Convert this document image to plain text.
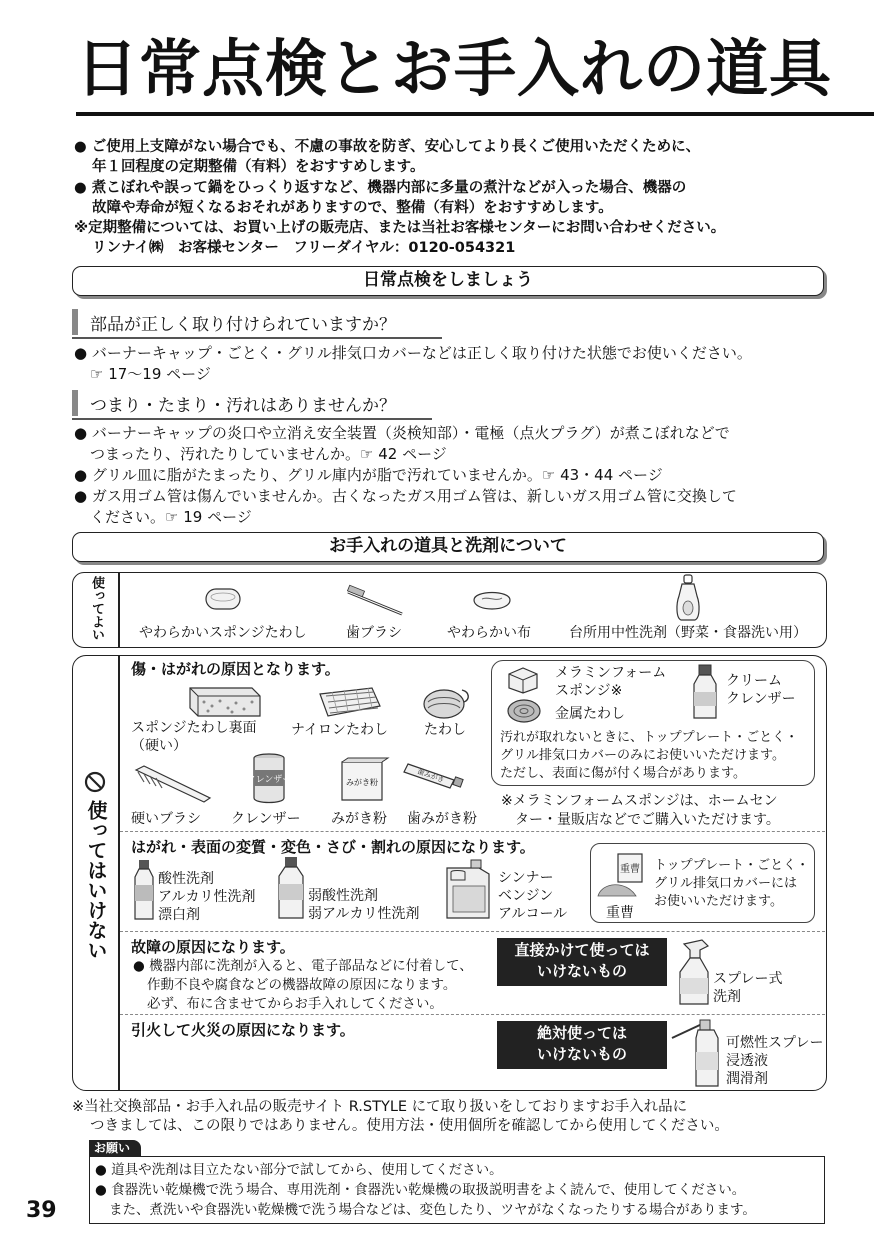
日常点検とお手入れの道具

● ご使用上支障がない場合でも、不慮の事故を防ぎ、安心してより長くご使用いただくために、

年１回程度の定期整備（有料）をおすすめします。

● 煮こぼれや誤って鍋をひっくり返すなど、機器内部に多量の煮汁などが入った場合、機器の

故障や寿命が短くなるおそれがありますので、整備（有料）をおすすめします。

※定期整備については、お買い上げの販売店、または当社お客様センターにお問い合わせください。

リンナイ㈱　お客様センター　フリーダイヤル：0120-054321

日常点検をしましょう
部品が正しく取り付けられていますか？

● バーナーキャップ・ごとく・グリル排気口カバーなどは正しく取り付けた状態でお使いください。

☞ 17～19 ページ

つまり・たまり・汚れはありませんか？

● バーナーキャップの炎口や立消え安全装置（炎検知部）・電極（点火プラグ）が煮こぼれなどで

つまったり、汚れたりしていませんか。☞ 42 ページ

● グリル皿に脂がたまったり、グリル庫内が脂で汚れていませんか。☞ 43・44 ページ

● ガス用ゴム管は傷んでいませんか。古くなったガス用ゴム管は、新しいガス用ゴム管に交換して

ください。☞ 19 ページ

お手入れの道具と洗剤について
使ってよい	やわらかいスポンジたわし	歯ブラシ	やわらかい布	台所用中性洗剤（野菜・食器洗い用）
使ってはいけない
傷・はがれの原因となります。
スポンジたわし裏面
（硬い）
ナイロンたわし	たわし
クレンザー	みがき粉	歯みがき
硬いブラシ クレンザー みがき粉 歯みがき粉
メラミンフォーム
スポンジ※
金属たわし
クリーム
クレンザー
汚れが取れないときに、トッププレート・ごとく・
グリル排気口カバーのみにお使いいただけます。
ただし、表面に傷が付く場合があります。
※メラミンフォームスポンジは、ホームセン
ター・量販店などでご購入いただけます。
はがれ・表面の変質・変色・さび・割れの原因になります。
酸性洗剤
アルカリ性洗剤
漂白剤
弱酸性洗剤
弱アルカリ性洗剤
シンナー
ベンジン
アルコール
重曹
重曹
トッププレート・ごとく・
グリル排気口カバーには
お使いいただけます。
故障の原因になります。
● 機器内部に洗剤が入ると、電子部品などに付着して、
作動不良や腐食などの機器故障の原因になります。
必ず、布に含ませてからお手入れしてください。
直接かけて使っては
いけないもの	スプレー式
洗剤
引火して火災の原因になります。	絶対使っては
いけないもの
可燃性スプレー
浸透液
潤滑剤

※当社交換部品・お手入れ品の販売サイト R.STYLE にて取り扱いをしておりますお手入れ品に

つきましては、この限りではありません。使用方法・使用個所を確認してから使用してください。

お願い
● 道具や洗剤は目立たない部分で試してから、使用してください。
● 食器洗い乾燥機で洗う場合、専用洗剤・食器洗い乾燥機の取扱説明書をよく読んで、使用してください。
また、煮洗いや食器洗い乾燥機で洗う場合などは、変色したり、ツヤがなくなったりする場合があります。
39
